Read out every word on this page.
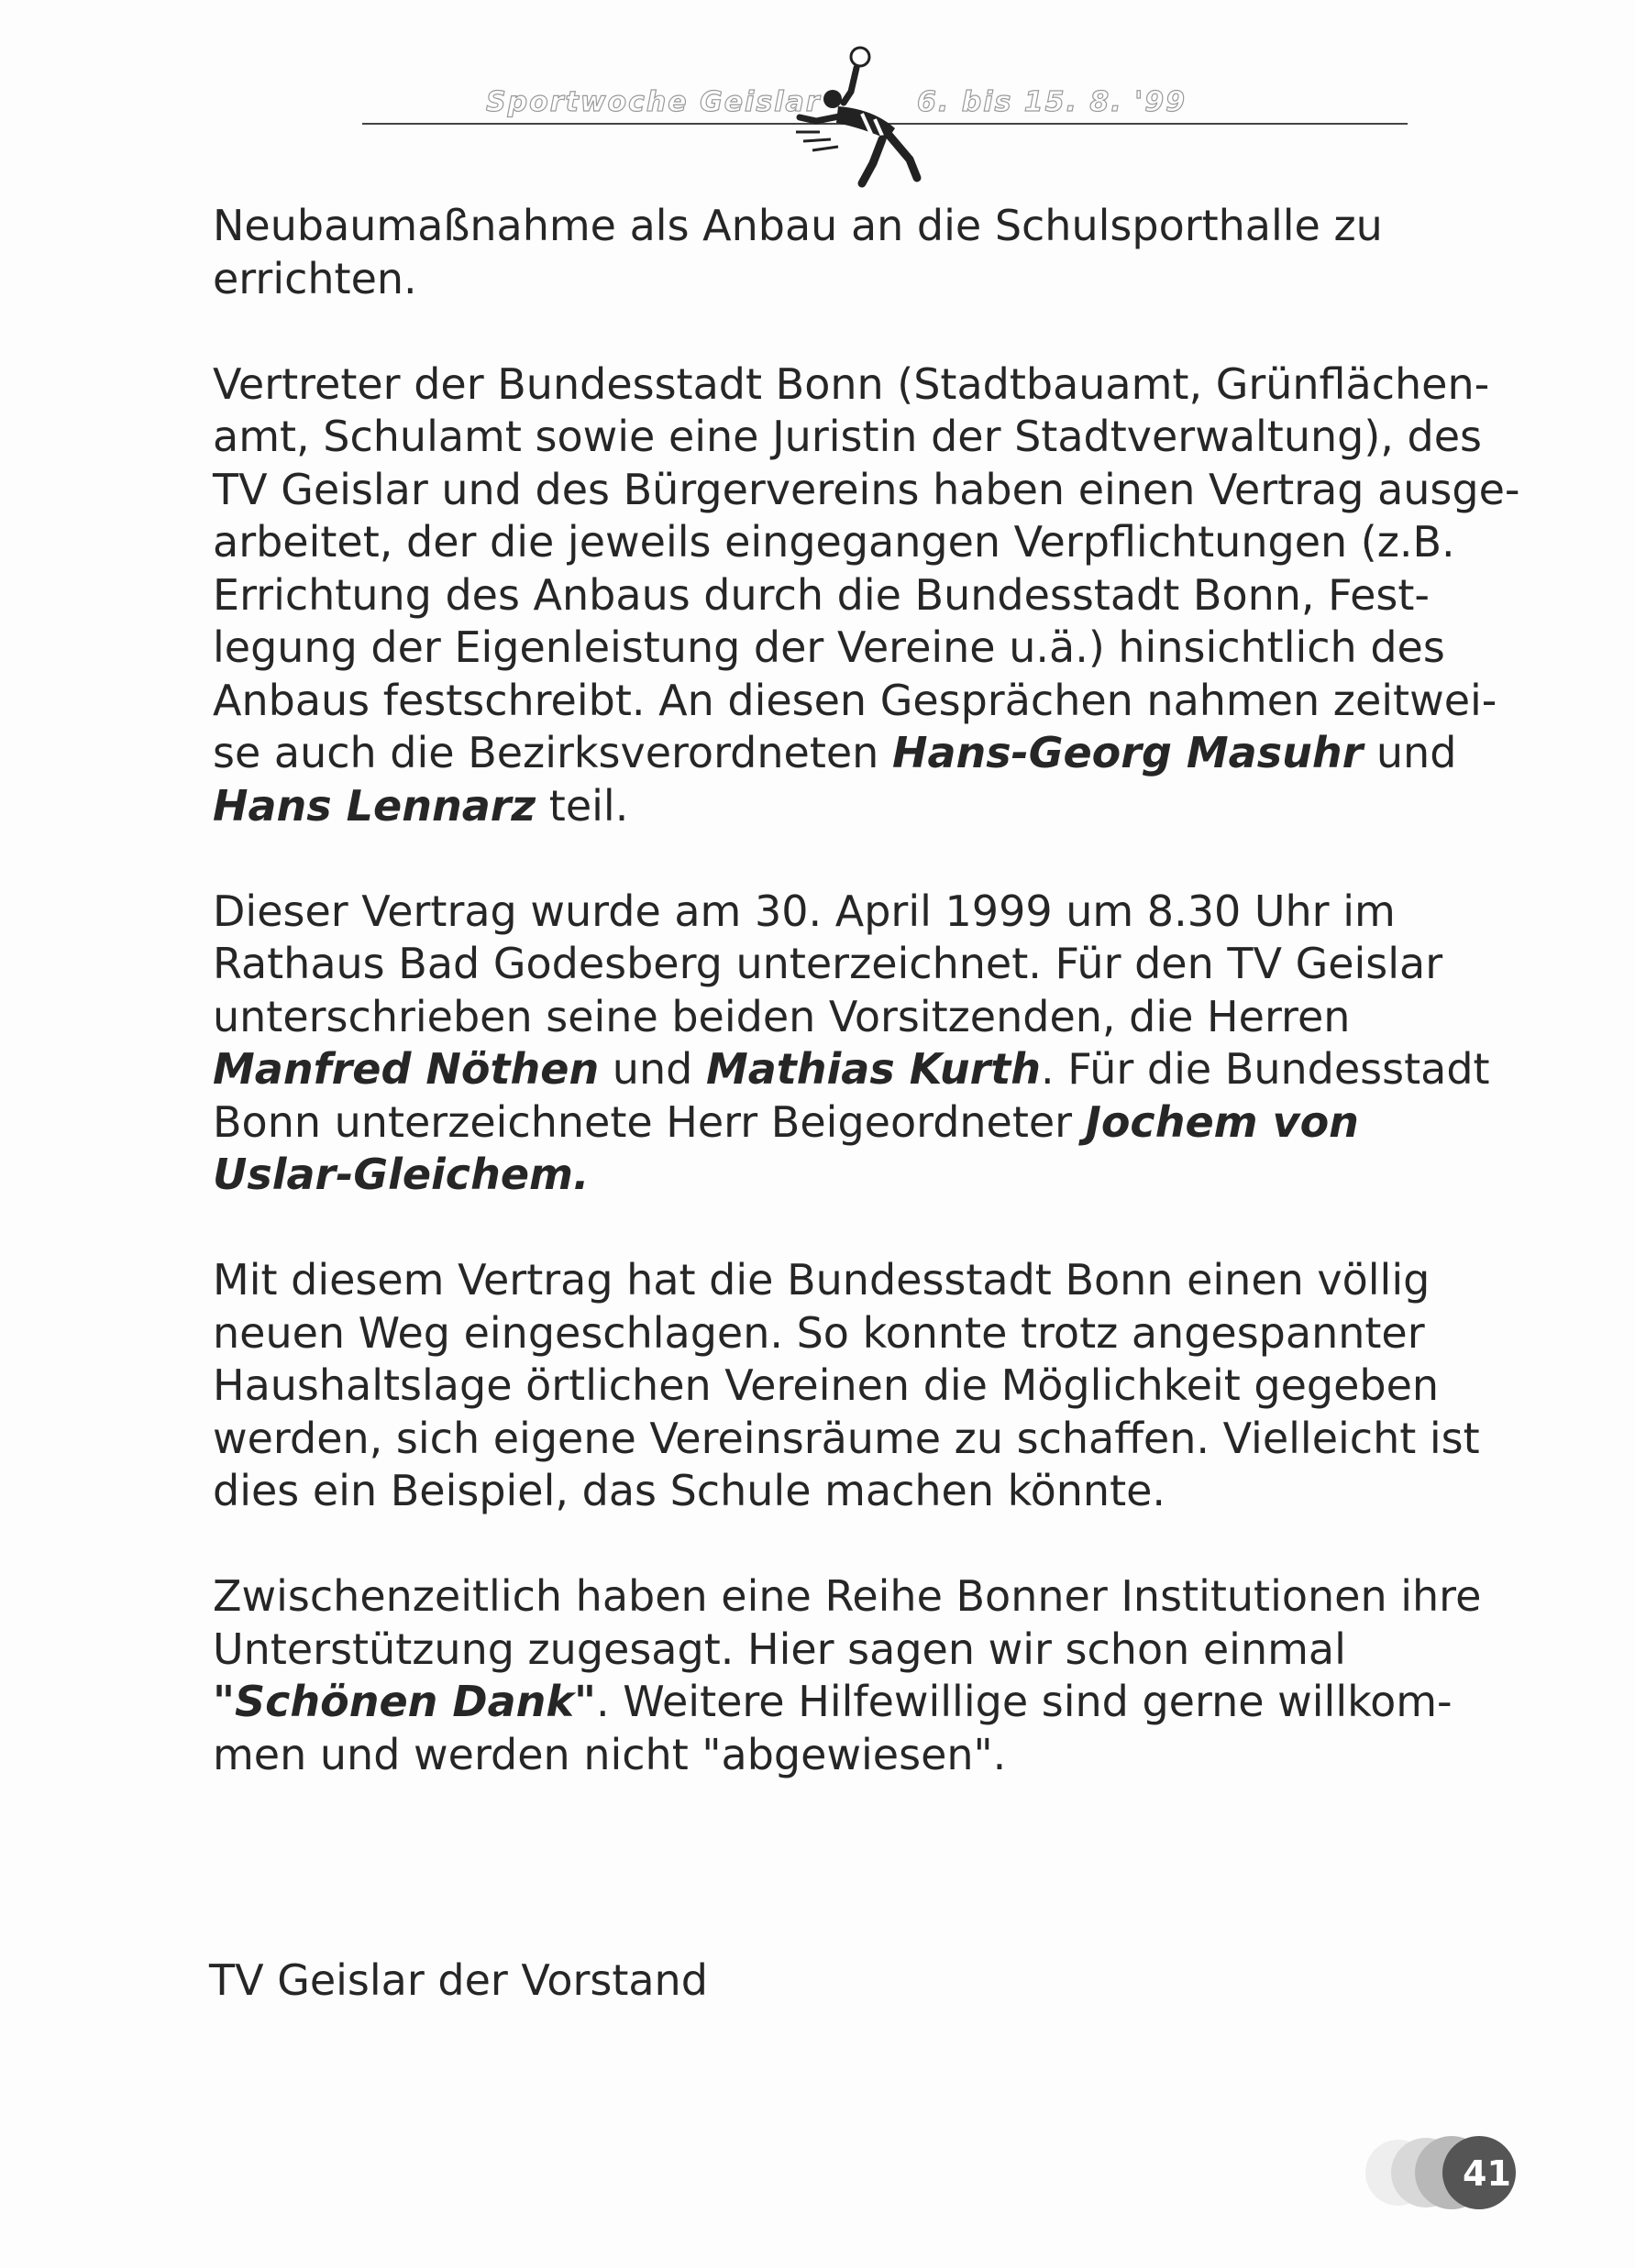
Sportwoche Geislar	6. bis 15. 8. '99

Neubaumaßnahme als Anbau an die Schulsporthalle zu
errichten.

Vertreter der Bundesstadt Bonn (Stadtbauamt, Grünflächen-
amt, Schulamt sowie eine Juristin der Stadtverwaltung), des
TV Geislar und des Bürgervereins haben einen Vertrag ausge-
arbeitet, der die jeweils eingegangen Verpflichtungen (z.B.
Errichtung des Anbaus durch die Bundesstadt Bonn, Fest-
legung der Eigenleistung der Vereine u.ä.) hinsichtlich des
Anbaus festschreibt. An diesen Gesprächen nahmen zeitwei-
se auch die Bezirksverordneten Hans-Georg Masuhr und
Hans Lennarz teil.

Dieser Vertrag wurde am 30. April 1999 um 8.30 Uhr im
Rathaus Bad Godesberg unterzeichnet. Für den TV Geislar
unterschrieben seine beiden Vorsitzenden, die Herren
Manfred Nöthen und Mathias Kurth. Für die Bundesstadt
Bonn unterzeichnete Herr Beigeordneter Jochem von
Uslar-Gleichem.

Mit diesem Vertrag hat die Bundesstadt Bonn einen völlig
neuen Weg eingeschlagen. So konnte trotz angespannter
Haushaltslage örtlichen Vereinen die Möglichkeit gegeben
werden, sich eigene Vereinsräume zu schaffen. Vielleicht ist
dies ein Beispiel, das Schule machen könnte.

Zwischenzeitlich haben eine Reihe Bonner Institutionen ihre
Unterstützung zugesagt. Hier sagen wir schon einmal
"Schönen Dank". Weitere Hilfewillige sind gerne willkom-
men und werden nicht "abgewiesen".

TV Geislar der Vorstand
41
